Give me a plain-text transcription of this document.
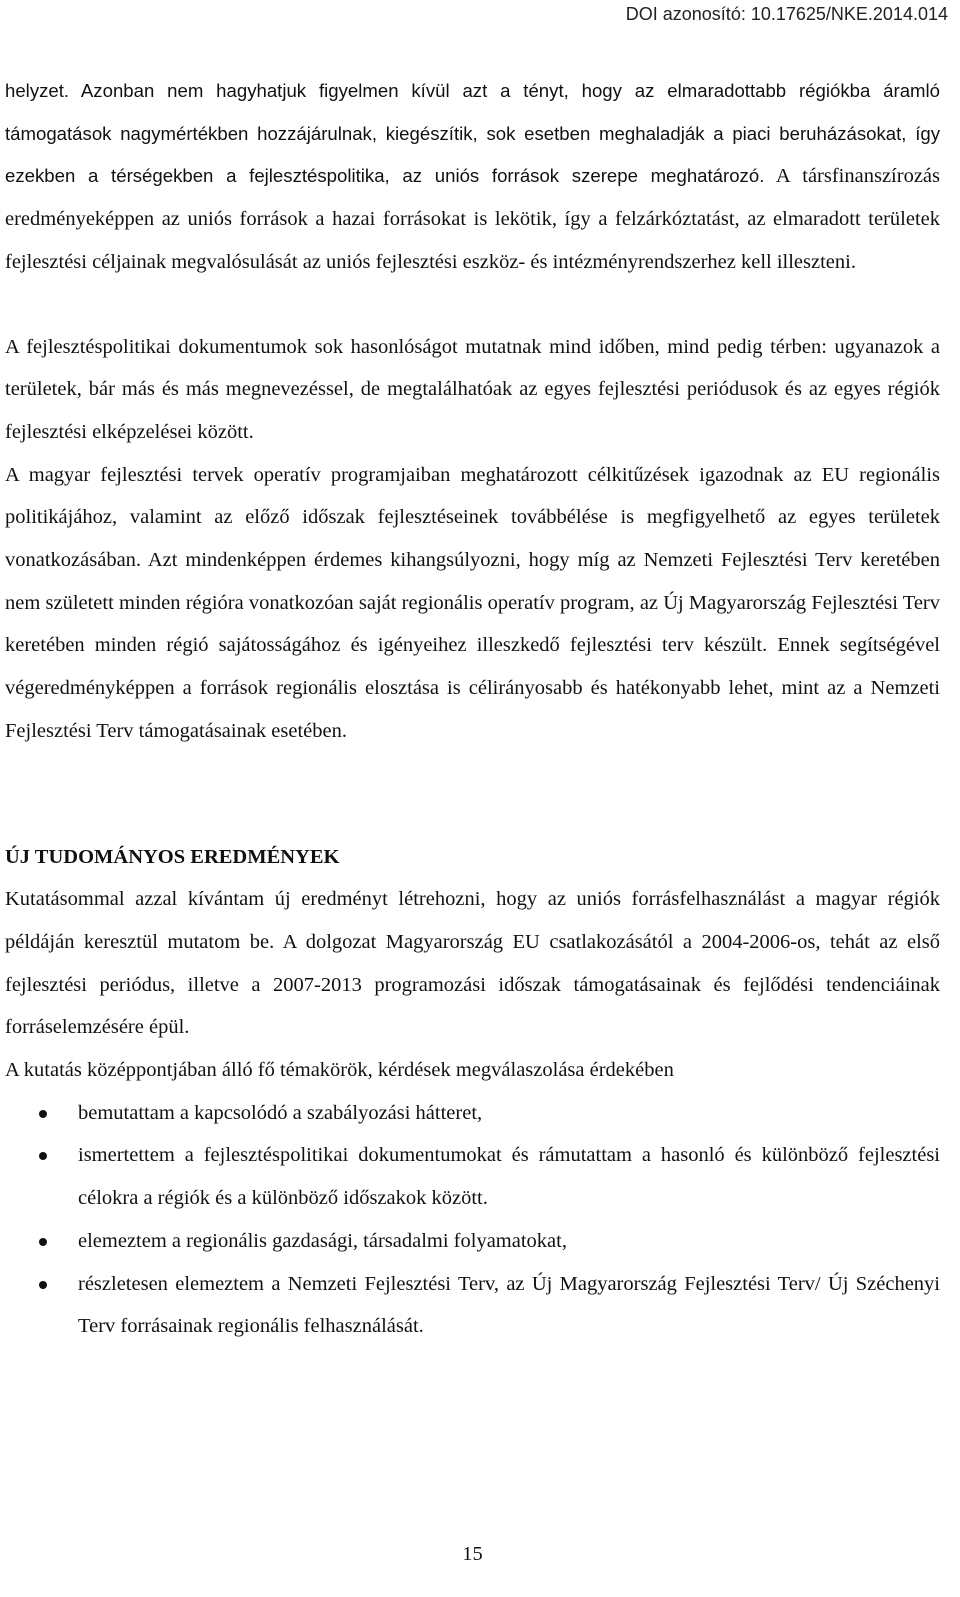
DOI azonosító: 10.17625/NKE.2014.014

helyzet. Azonban nem hagyhatjuk figyelmen kívül azt a tényt, hogy az elmaradottabb régiókba áramló támogatások nagymértékben hozzájárulnak, kiegészítik, sok esetben meghaladják a piaci beruházásokat, így ezekben a térségekben a fejlesztéspolitika, az uniós források szerepe meghatározó. A társfinanszírozás eredményeképpen az uniós források a hazai forrásokat is lekötik, így a felzárkóztatást, az elmaradott területek fejlesztési céljainak megvalósulását az uniós fejlesztési eszköz- és intézményrendszerhez kell illeszteni.

A fejlesztéspolitikai dokumentumok sok hasonlóságot mutatnak mind időben, mind pedig térben: ugyanazok a területek, bár más és más megnevezéssel, de megtalálhatóak az egyes fejlesztési periódusok és az egyes régiók fejlesztési elképzelései között.

A magyar fejlesztési tervek operatív programjaiban meghatározott célkitűzések igazodnak az EU regionális politikájához, valamint az előző időszak fejlesztéseinek továbbélése is megfigyelhető az egyes területek vonatkozásában. Azt mindenképpen érdemes kihangsúlyozni, hogy míg az Nemzeti Fejlesztési Terv keretében nem született minden régióra vonatkozóan saját regionális operatív program, az Új Magyarország Fejlesztési Terv keretében minden régió sajátosságához és igényeihez illeszkedő fejlesztési terv készült. Ennek segítségével végeredményképpen a források regionális elosztása is célirányosabb és hatékonyabb lehet, mint az a Nemzeti Fejlesztési Terv támogatásainak esetében.

ÚJ TUDOMÁNYOS EREDMÉNYEK

Kutatásommal azzal kívántam új eredményt létrehozni, hogy az uniós forrásfelhasználást a magyar régiók példáján keresztül mutatom be. A dolgozat Magyarország EU csatlakozásától a 2004-2006-os, tehát az első fejlesztési periódus, illetve a 2007-2013 programozási időszak támogatásainak és fejlődési tendenciáinak forráselemzésére épül.

A kutatás középpontjában álló fő témakörök, kérdések megválaszolása érdekében

bemutattam a kapcsolódó a szabályozási hátteret,
ismertettem a fejlesztéspolitikai dokumentumokat és rámutattam a hasonló és különböző fejlesztési célokra a régiók és a különböző időszakok között.
elemeztem a regionális gazdasági, társadalmi folyamatokat,
részletesen elemeztem a Nemzeti Fejlesztési Terv, az Új Magyarország Fejlesztési Terv/ Új Széchenyi Terv forrásainak regionális felhasználását.
15
